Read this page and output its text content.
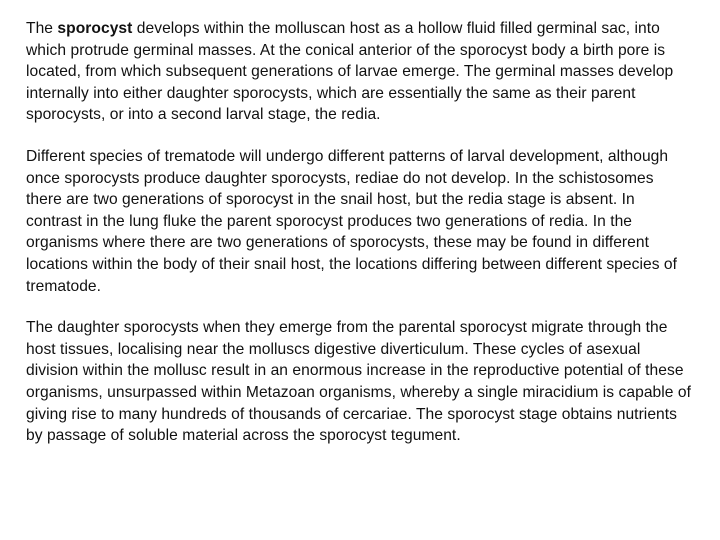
The sporocyst develops within the molluscan host as a hollow fluid filled germinal sac, into which protrude germinal masses. At the conical anterior of the sporocyst body a birth pore is located, from which subsequent generations of larvae emerge. The germinal masses develop internally into either daughter sporocysts, which are essentially the same as their parent sporocysts, or into a second larval stage, the redia.

Different species of trematode will undergo different patterns of larval development, although once sporocysts produce daughter sporocysts, rediae do not develop. In the schistosomes there are two generations of sporocyst in the snail host, but the redia stage is absent. In contrast in the lung fluke the parent sporocyst produces two generations of redia. In the organisms where there are two generations of sporocysts, these may be found in different locations within the body of their snail host, the locations differing between different species of trematode.

The daughter sporocysts when they emerge from the parental sporocyst migrate through the host tissues, localising near the molluscs digestive diverticulum. These cycles of asexual division within the mollusc result in an enormous increase in the reproductive potential of these organisms, unsurpassed within Metazoan organisms, whereby a single miracidium is capable of giving rise to many hundreds of thousands of cercariae. The sporocyst stage obtains nutrients by passage of soluble material across the sporocyst tegument.
